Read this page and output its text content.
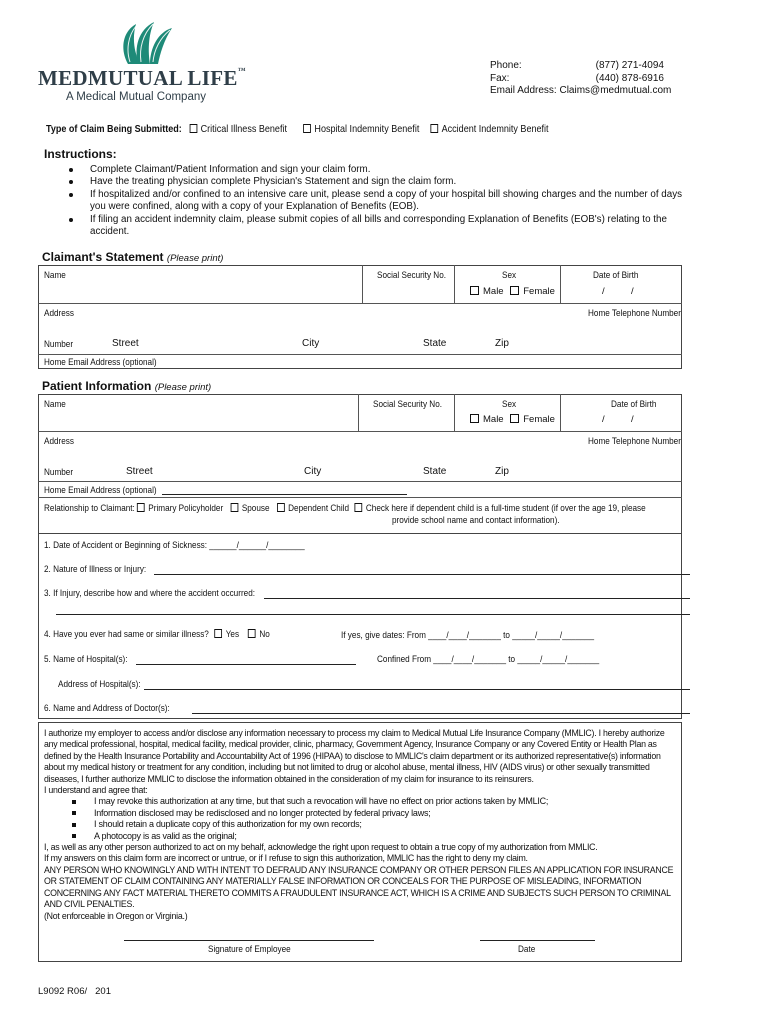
MEDMUTUAL LIFE™
A Medical Mutual Company
Phone:	(877) 271-4094
Fax:	(440) 878-6916
Email Address: Claims@medmutual.com
Type of Claim Being Submitted: Critical Illness Benefit	Hospital Indemnity Benefit Accident Indemnity Benefit
Instructions:
Complete Claimant/Patient Information and sign your claim form.
Have the treating physician complete Physician's Statement and sign the claim form.
If hospitalized and/or confined to an intensive care unit, please send a copy of your hospital bill showing charges and the number of days you were confined, along with a copy of your Explanation of Benefits (EOB).
If filing an accident indemnity claim, please submit copies of all bills and corresponding Explanation of Benefits (EOB's) relating to the accident.
Claimant's Statement (Please print)
Name	Social Security No.	Sex	Date of Birth
Male Female	/          /
Address	Home Telephone Number
Number	Street	City	State	Zip
Home Email Address (optional)
Patient Information (Please print)
Name	Social Security No.	Sex	Date of Birth
Male Female	/          /
Address	Home Telephone Number
Number	Street	City	State	Zip
Home Email Address (optional)
Relationship to Claimant: Primary Policyholder Spouse Dependent Child Check here if dependent child is a full-time student (if over the age 19, please
provide school name and contact information).
1. Date of Accident or Beginning of Sickness: ______/______/________
2. Nature of Illness or Injury:
3. If Injury, describe how and where the accident occurred:
4. Have you ever had same or similar illness? Yes No	If yes, give dates: From ____/____/_______ to _____/_____/_______
5. Name of Hospital(s):	Confined From ____/____/_______ to _____/_____/_______
Address of Hospital(s):
6. Name and Address of Doctor(s):
I authorize my employer to access and/or disclose any information necessary to process my claim to Medical Mutual Life Insurance Company (MMLIC). I hereby authorize any medical professional, hospital, medical facility, medical provider, clinic, pharmacy, Government Agency, Insurance Company or any Covered Entity or Health Plan as defined by the Health Insurance Portability and Accountability Act of 1996 (HIPAA) to disclose to MMLIC's claim department or its authorized representative(s) information about my medical history or treatment for any condition, including but not limited to drug or alcohol abuse, mental illness, HIV (AIDS virus) or other sexually transmitted diseases, I further authorize MMLIC to disclose the information obtained in the consideration of my claim for insurance to its reinsurers.
I understand and agree that:
I may revoke this authorization at any time, but that such a revocation will have no effect on prior actions taken by MMLIC;
Information disclosed may be redisclosed and no longer protected by federal privacy laws;
I should retain a duplicate copy of this authorization for my own records;
A photocopy is as valid as the original;
I, as well as any other person authorized to act on my behalf, acknowledge the right upon request to obtain a true copy of my authorization from MMLIC.
If my answers on this claim form are incorrect or untrue, or if I refuse to sign this authorization, MMLIC has the right to deny my claim.
ANY PERSON WHO KNOWINGLY AND WITH INTENT TO DEFRAUD ANY INSURANCE COMPANY OR OTHER PERSON FILES AN APPLICATION FOR INSURANCE OR STATEMENT OF CLAIM CONTAINING ANY MATERIALLY FALSE INFORMATION OR CONCEALS FOR THE PURPOSE OF MISLEADING, INFORMATION CONCERNING ANY FACT MATERIAL THERETO COMMITS A FRAUDULENT INSURANCE ACT, WHICH IS A CRIME AND SUBJECTS SUCH PERSON TO CRIMINAL AND CIVIL PENALTIES.
(Not enforceable in Oregon or Virginia.)
Signature of Employee	Date
L9092 R06/ 201
